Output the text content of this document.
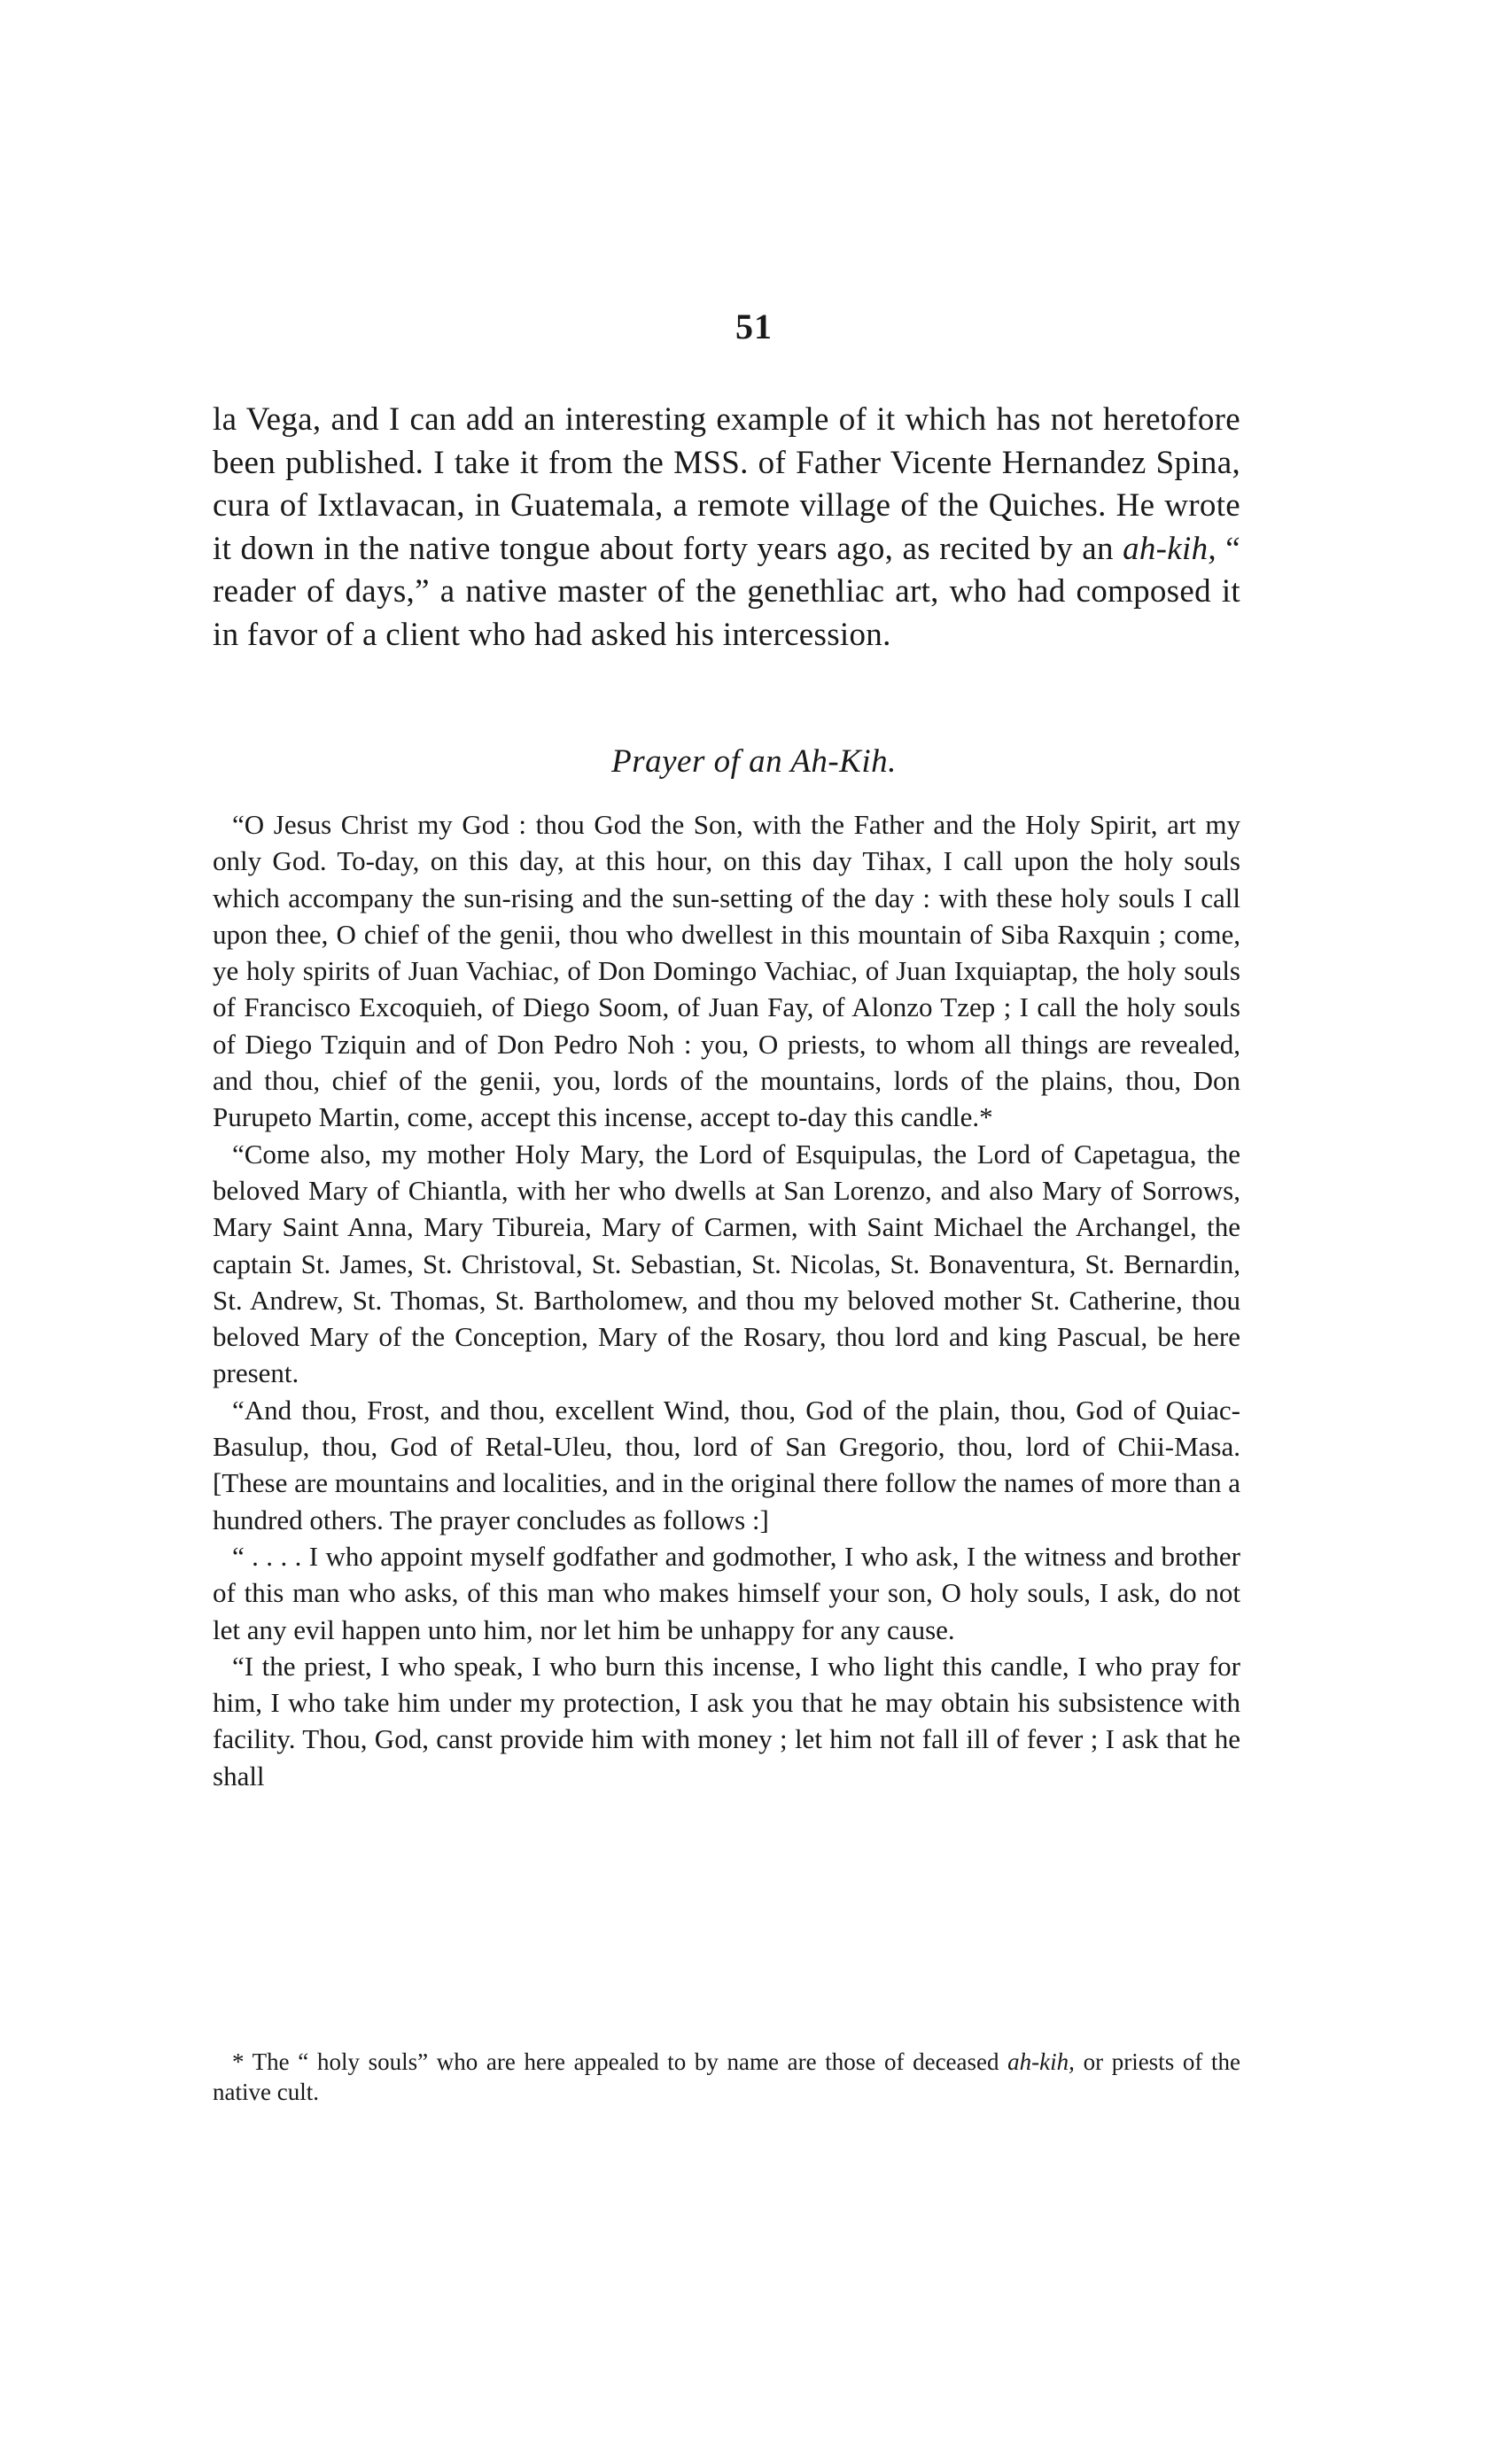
51

la Vega, and I can add an interesting example of it which has not heretofore been published. I take it from the MSS. of Father Vicente Hernandez Spina, cura of Ixtlavacan, in Guatemala, a remote village of the Quiches. He wrote it down in the native tongue about forty years ago, as recited by an ah-kih, “ reader of days,” a native master of the genethliac art, who had composed it in favor of a client who had asked his intercession.

Prayer of an Ah-Kih.

“O Jesus Christ my God : thou God the Son, with the Father and the Holy Spirit, art my only God. To-day, on this day, at this hour, on this day Tihax, I call upon the holy souls which accompany the sun-rising and the sun-setting of the day : with these holy souls I call upon thee, O chief of the genii, thou who dwellest in this mountain of Siba Raxquin ; come, ye holy spirits of Juan Vachiac, of Don Domingo Vachiac, of Juan Ixquiaptap, the holy souls of Francisco Excoquieh, of Diego Soom, of Juan Fay, of Alonzo Tzep ; I call the holy souls of Diego Tziquin and of Don Pedro Noh : you, O priests, to whom all things are revealed, and thou, chief of the genii, you, lords of the mountains, lords of the plains, thou, Don Purupeto Martin, come, accept this incense, accept to-day this candle.*

“Come also, my mother Holy Mary, the Lord of Esquipulas, the Lord of Capetagua, the beloved Mary of Chiantla, with her who dwells at San Lorenzo, and also Mary of Sorrows, Mary Saint Anna, Mary Tibureia, Mary of Carmen, with Saint Michael the Archangel, the captain St. James, St. Christoval, St. Sebastian, St. Nicolas, St. Bonaventura, St. Bernardin, St. Andrew, St. Thomas, St. Bartholomew, and thou my beloved mother St. Catherine, thou beloved Mary of the Conception, Mary of the Rosary, thou lord and king Pascual, be here present.

“And thou, Frost, and thou, excellent Wind, thou, God of the plain, thou, God of Quiac-Basulup, thou, God of Retal-Uleu, thou, lord of San Gregorio, thou, lord of Chii-Masa. [These are mountains and localities, and in the original there follow the names of more than a hundred others. The prayer concludes as follows :]

“ . . . . I who appoint myself godfather and godmother, I who ask, I the witness and brother of this man who asks, of this man who makes himself your son, O holy souls, I ask, do not let any evil happen unto him, nor let him be unhappy for any cause.

“I the priest, I who speak, I who burn this incense, I who light this candle, I who pray for him, I who take him under my protection, I ask you that he may obtain his subsistence with facility. Thou, God, canst provide him with money ; let him not fall ill of fever ; I ask that he shall

* The “ holy souls” who are here appealed to by name are those of deceased ah-kih, or priests of the native cult.
